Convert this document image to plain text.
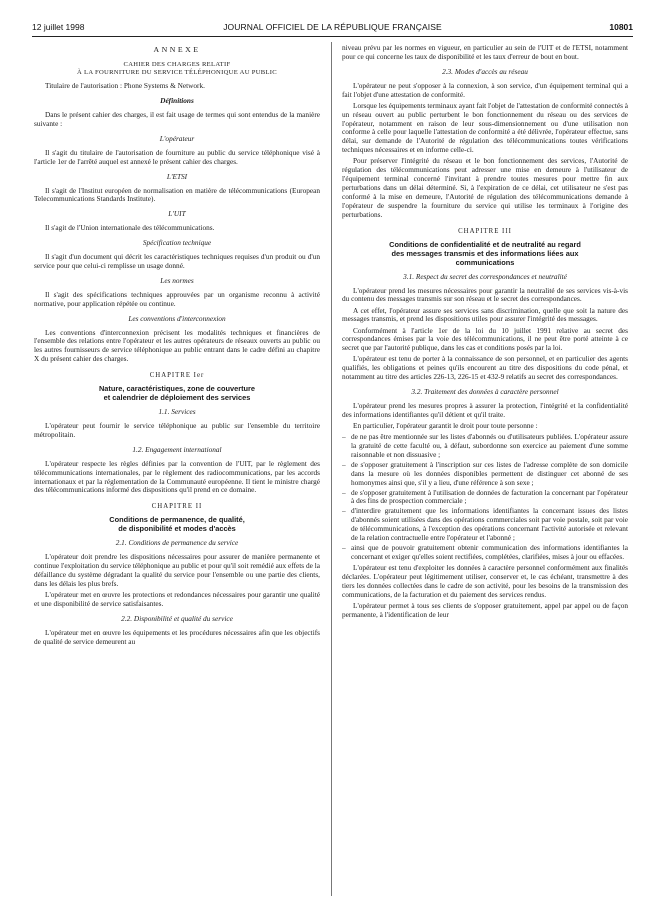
12 juillet 1998	JOURNAL OFFICIEL DE LA RÉPUBLIQUE FRANÇAISE	10801
ANNEXE
CAHIER DES CHARGES RELATIF
À LA FOURNITURE DU SERVICE TÉLÉPHONIQUE AU PUBLIC

Titulaire de l'autorisation : Phone Systems & Network.

Définitions

Dans le présent cahier des charges, il est fait usage de termes qui sont entendus de la manière suivante :

L'opérateur

Il s'agit du titulaire de l'autorisation de fourniture au public du service téléphonique visé à l'article 1er de l'arrêté auquel est annexé le présent cahier des charges.

L'ETSI

Il s'agit de l'Institut européen de normalisation en matière de télécommunications (European Telecommunications Standards Institute).

L'UIT

Il s'agit de l'Union internationale des télécommunications.

Spécification technique

Il s'agit d'un document qui décrit les caractéristiques techniques requises d'un produit ou d'un service pour que celui-ci remplisse un usage donné.

Les normes

Il s'agit des spécifications techniques approuvées par un organisme reconnu à activité normative, pour application répétée ou continue.

Les conventions d'interconnexion

Les conventions d'interconnexion précisent les modalités techniques et financières de l'ensemble des relations entre l'opérateur et les autres opérateurs de réseaux ouverts au public ou les autres fournisseurs de service téléphonique au public entrant dans le cadre défini au chapitre X du présent cahier des charges.

CHAPITRE Ier
Nature, caractéristiques, zone de couverture
et calendrier de déploiement des services
1.1. Services

L'opérateur peut fournir le service téléphonique au public sur l'ensemble du territoire métropolitain.

1.2. Engagement international

L'opérateur respecte les règles définies par la convention de l'UIT, par le règlement des télécommunications internationales, par le règlement des radiocommunications, par les accords internationaux et par la réglementation de la Communauté européenne. Il tient le ministre chargé des télécommunications informé des dispositions qu'il prend en ce domaine.

CHAPITRE II
Conditions de permanence, de qualité,
de disponibilité et modes d'accès
2.1. Conditions de permanence du service

L'opérateur doit prendre les dispositions nécessaires pour assurer de manière permanente et continue l'exploitation du service téléphonique au public et pour qu'il soit remédié aux effets de la défaillance du système dégradant la qualité du service pour l'ensemble ou une partie des clients, dans les délais les plus brefs.

L'opérateur met en œuvre les protections et redondances nécessaires pour garantir une qualité et une disponibilité de service satisfaisantes.

2.2. Disponibilité et qualité du service

L'opérateur met en œuvre les équipements et les procédures nécessaires afin que les objectifs de qualité de service demeurent au

niveau prévu par les normes en vigueur, en particulier au sein de l'UIT et de l'ETSI, notamment pour ce qui concerne les taux de disponibilité et les taux d'erreur de bout en bout.

2.3. Modes d'accès au réseau

L'opérateur ne peut s'opposer à la connexion, à son service, d'un équipement terminal qui a fait l'objet d'une attestation de conformité.

Lorsque les équipements terminaux ayant fait l'objet de l'attestation de conformité connectés à un réseau ouvert au public perturbent le bon fonctionnement du réseau ou des services de l'opérateur, notamment en raison de leur sous-dimensionnement ou d'une utilisation non conforme à celle pour laquelle l'attestation de conformité a été délivrée, l'opérateur effectue, sans délai, sur demande de l'Autorité de régulation des télécommunications toutes vérifications techniques nécessaires et en informe celle-ci.

Pour préserver l'intégrité du réseau et le bon fonctionnement des services, l'Autorité de régulation des télécommunications peut adresser une mise en demeure à l'utilisateur de l'équipement terminal concerné l'invitant à prendre toutes mesures pour mettre fin aux perturbations dans un délai déterminé. Si, à l'expiration de ce délai, cet utilisateur ne s'est pas conformé à la mise en demeure, l'Autorité de régulation des télécommunications demande à l'opérateur de suspendre la fourniture du service qui utilise les terminaux à l'origine des perturbations.

CHAPITRE III
Conditions de confidentialité et de neutralité au regard
des messages transmis et des informations liées aux
communications
3.1. Respect du secret des correspondances et neutralité

L'opérateur prend les mesures nécessaires pour garantir la neutralité de ses services vis-à-vis du contenu des messages transmis sur son réseau et le secret des correspondances.

A cet effet, l'opérateur assure ses services sans discrimination, quelle que soit la nature des messages transmis, et prend les dispositions utiles pour assurer l'intégrité des messages.

Conformément à l'article 1er de la loi du 10 juillet 1991 relative au secret des correspondances émises par la voie des télécommunications, il ne peut être porté atteinte à ce secret que par l'autorité publique, dans les cas et conditions posés par la loi.

L'opérateur est tenu de porter à la connaissance de son personnel, et en particulier des agents qualifiés, les obligations et peines qu'ils encourent au titre des dispositions du code pénal, et notamment au titre des articles 226-13, 226-15 et 432-9 relatifs au secret des correspondances.

3.2. Traitement des données à caractère personnel

L'opérateur prend les mesures propres à assurer la protection, l'intégrité et la confidentialité des informations identifiantes qu'il détient et qu'il traite.

En particulier, l'opérateur garantit le droit pour toute personne :

– de ne pas être mentionnée sur les listes d'abonnés ou d'utilisateurs publiées. L'opérateur assure la gratuité de cette faculté ou, à défaut, subordonne son exercice au paiement d'une somme raisonnable et non dissuasive ;
– de s'opposer gratuitement à l'inscription sur ces listes de l'adresse complète de son domicile dans la mesure où les données disponibles permettent de distinguer cet abonné de ses homonymes ainsi que, s'il y a lieu, d'une référence à son sexe ;
– de s'opposer gratuitement à l'utilisation de données de facturation la concernant par l'opérateur à des fins de prospection commerciale ;
– d'interdire gratuitement que les informations identifiantes la concernant issues des listes d'abonnés soient utilisées dans des opérations commerciales soit par voie postale, soit par voie de télécommunications, à l'exception des opérations concernant l'activité autorisée et relevant de la relation contractuelle entre l'opérateur et l'abonné ;
– ainsi que de pouvoir gratuitement obtenir communication des informations identifiantes la concernant et exiger qu'elles soient rectifiées, complétées, clarifiées, mises à jour ou effacées.

L'opérateur est tenu d'exploiter les données à caractère personnel conformément aux finalités déclarées. L'opérateur peut légitimement utiliser, conserver et, le cas échéant, transmettre à des tiers les données collectées dans le cadre de son activité, pour les besoins de la transmission des communications, de la facturation et du paiement des services rendus.

L'opérateur permet à tous ses clients de s'opposer gratuitement, appel par appel ou de façon permanente, à l'identification de leur
